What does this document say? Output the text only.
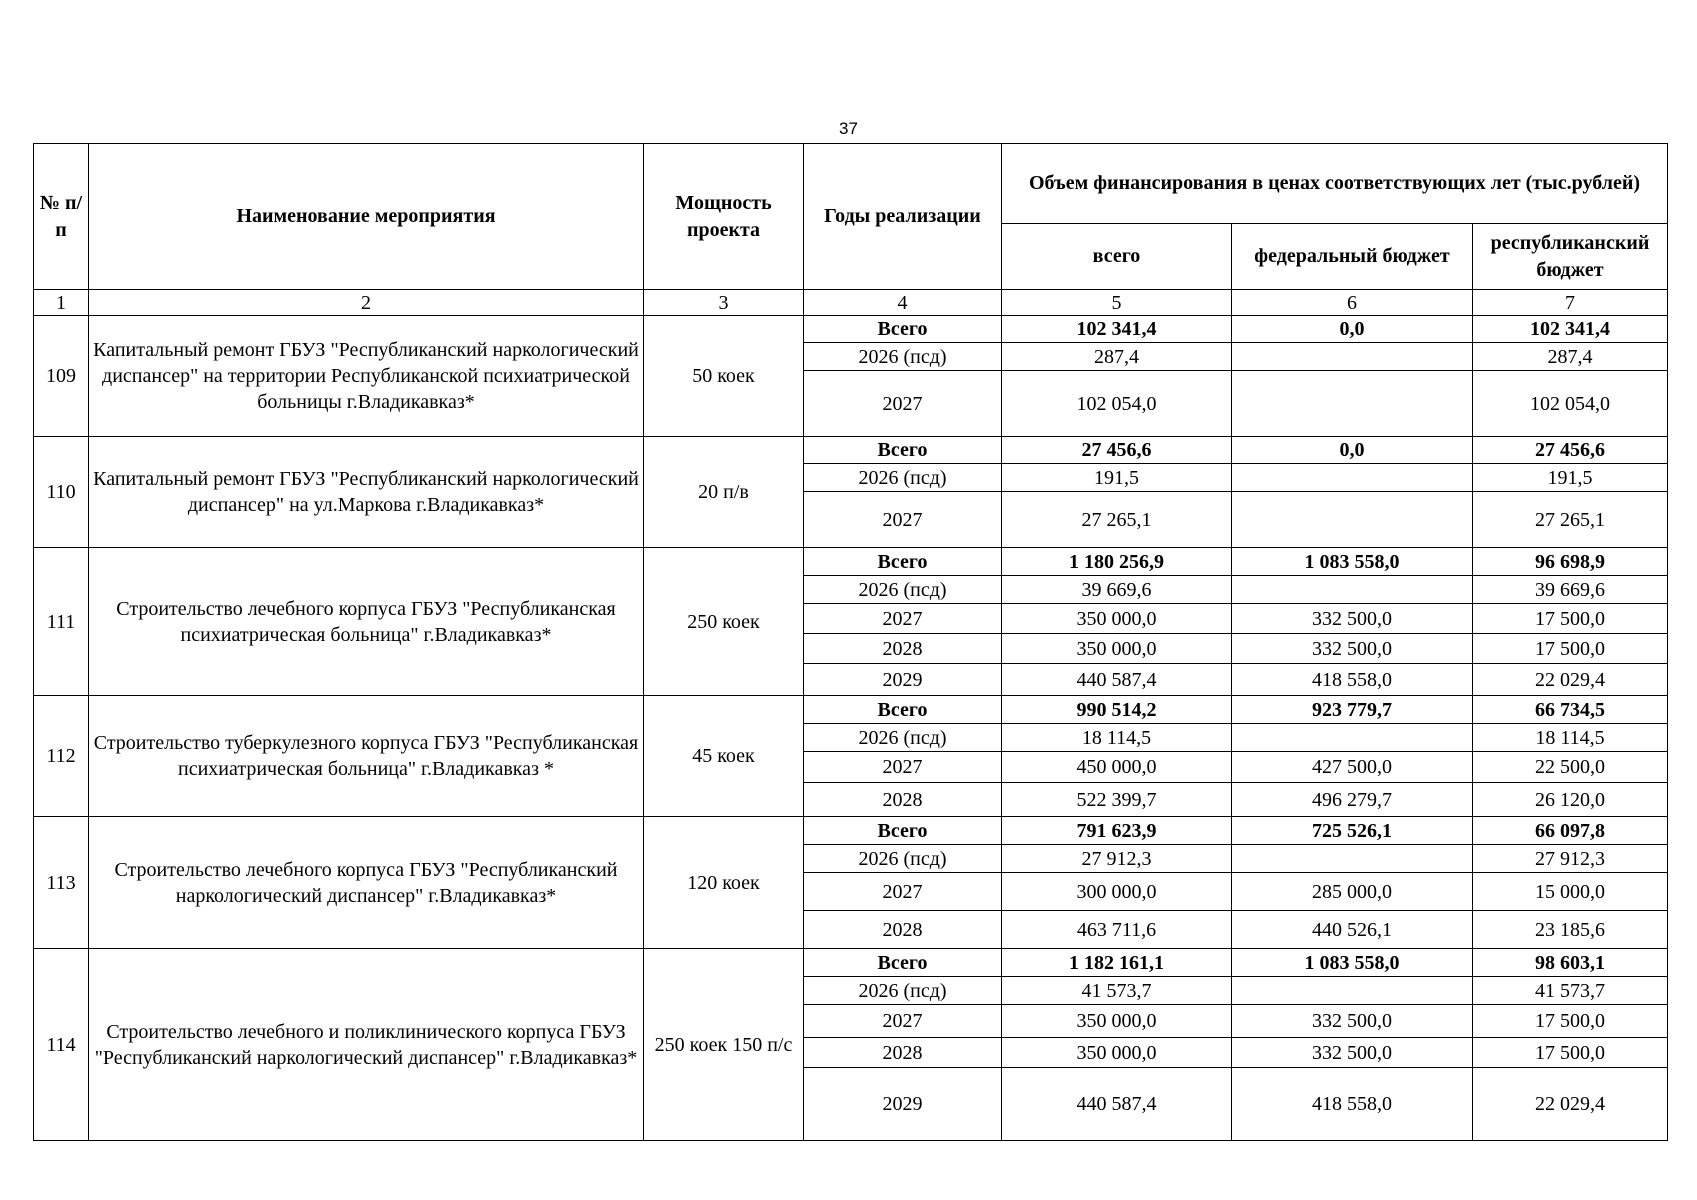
37
№ п/п	Наименование мероприятия	Мощность проекта	Годы реализации	Объем финансирования в ценах соответствующих лет (тыс.рублей)		
				всего	федеральный бюджет	республиканский бюджет
1	2	3	4	5	6	7
109	Капитальный ремонт ГБУЗ "Республиканский наркологический диспансер" на территории Республиканской психиатрической больницы г.Владикавказ*	50 коек	Всего	102 341,4	0,0	102 341,4
			2026 (псд)	287,4		287,4
			2027	102 054,0		102 054,0
110	Капитальный ремонт ГБУЗ "Республиканский наркологический диспансер" на ул.Маркова г.Владикавказ*	20 п/в	Всего	27 456,6	0,0	27 456,6
			2026 (псд)	191,5		191,5
			2027	27 265,1		27 265,1
111	Строительство лечебного корпуса ГБУЗ "Республиканская психиатрическая больница" г.Владикавказ*	250 коек	Всего	1 180 256,9	1 083 558,0	96 698,9
			2026 (псд)	39 669,6		39 669,6
			2027	350 000,0	332 500,0	17 500,0
			2028	350 000,0	332 500,0	17 500,0
			2029	440 587,4	418 558,0	22 029,4
112	Строительство туберкулезного корпуса ГБУЗ "Республиканская психиатрическая больница" г.Владикавказ *	45 коек	Всего	990 514,2	923 779,7	66 734,5
			2026 (псд)	18 114,5		18 114,5
			2027	450 000,0	427 500,0	22 500,0
			2028	522 399,7	496 279,7	26 120,0
113	Строительство лечебного корпуса ГБУЗ "Республиканский наркологический диспансер" г.Владикавказ*	120 коек	Всего	791 623,9	725 526,1	66 097,8
			2026 (псд)	27 912,3		27 912,3
			2027	300 000,0	285 000,0	15 000,0
			2028	463 711,6	440 526,1	23 185,6
114	Строительство лечебного и поликлинического корпуса ГБУЗ "Республиканский наркологический диспансер" г.Владикавказ*	250 коек 150 п/с	Всего	1 182 161,1	1 083 558,0	98 603,1
			2026 (псд)	41 573,7		41 573,7
			2027	350 000,0	332 500,0	17 500,0
			2028	350 000,0	332 500,0	17 500,0
			2029	440 587,4	418 558,0	22 029,4
